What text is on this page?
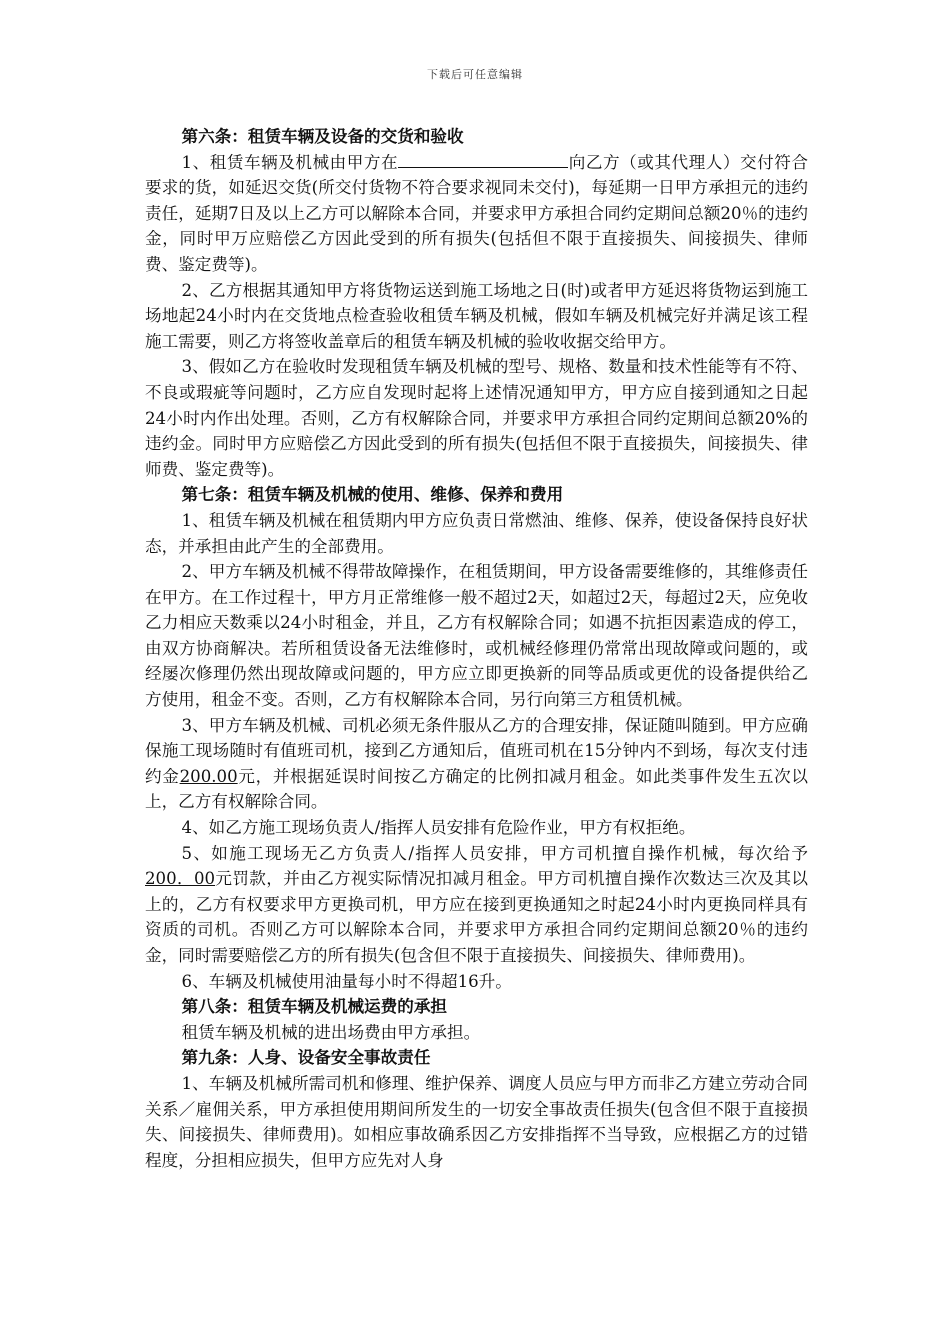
下载后可任意编辑

第六条：租赁车辆及设备的交货和验收

1、租赁车辆及机械由甲方在	向乙方（或其代理人）交付符合要求的货，如延迟交货(所交付货物不符合要求视同未交付)，每延期一日甲方承担元的违约责任，延期7日及以上乙方可以解除本合同，并要求甲方承担合同约定期间总额20％的违约金，同时甲万应赔偿乙方因此受到的所有损失(包括但不限于直接损失、间接损失、律师费、鉴定费等)。

2、乙方根据其通知甲方将货物运送到施工场地之日(时)或者甲方延迟将货物运到施工场地起24小时内在交货地点检查验收租赁车辆及机械，假如车辆及机械完好并满足该工程施工需要，则乙方将签收盖章后的租赁车辆及机械的验收收据交给甲方。

3、假如乙方在验收时发现租赁车辆及机械的型号、规格、数量和技术性能等有不符、不良或瑕疵等问题时，乙方应自发现时起将上述情况通知甲方，甲方应自接到通知之日起24小时内作出处理。否则，乙方有权解除合同，并要求甲方承担合同约定期间总额20%的违约金。同时甲方应赔偿乙方因此受到的所有损失(包括但不限于直接损失，间接损失、律师费、鉴定费等)。

第七条：租赁车辆及机械的使用、维修、保养和费用

1、租赁车辆及机械在租赁期内甲方应负责日常燃油、维修、保养，使设备保持良好状态，并承担由此产生的全部费用。

2、甲方车辆及机械不得带故障操作，在租赁期间，甲方设备需要维修的，其维修责任在甲方。在工作过程十，甲方月正常维修一般不超过2天，如超过2天，每超过2天，应免收乙力相应天数乘以24小时租金，并且，乙方有权解除合同；如遇不抗拒因素造成的停工，由双方协商解决。若所租赁设备无法维修时，或机械经修理仍常常出现故障或问题的，或经屡次修理仍然出现故障或问题的，甲方应立即更换新的同等品质或更优的设备提供给乙方使用，租金不变。否则，乙方有权解除本合同，另行向第三方租赁机械。

3、甲方车辆及机械、司机必须无条件服从乙方的合理安排，保证随叫随到。甲方应确保施工现场随时有值班司机，接到乙方通知后，值班司机在15分钟内不到场，每次支付违约金200.00元，并根据延误时间按乙方确定的比例扣减月租金。如此类事件发生五次以上，乙方有权解除合同。

4、如乙方施工现场负责人/指挥人员安排有危险作业，甲方有权拒绝。

5、如施工现场无乙方负责人/指挥人员安排，甲方司机擅自操作机械，每次给予200．00元罚款，并由乙方视实际情况扣减月租金。甲方司机擅自操作次数达三次及其以上的，乙方有权要求甲方更换司机，甲方应在接到更换通知之时起24小时内更换同样具有资质的司机。否则乙方可以解除本合同，并要求甲方承担合同约定期间总额20％的违约金，同时需要赔偿乙方的所有损失(包含但不限于直接损失、间接损失、律师费用)。

6、车辆及机械使用油量每小时不得超16升。

第八条：租赁车辆及机械运费的承担

租赁车辆及机械的进出场费由甲方承担。

第九条：人身、设备安全事故责任

1、车辆及机械所需司机和修理、维护保养、调度人员应与甲方而非乙方建立劳动合同关系／雇佣关系，甲方承担使用期间所发生的一切安全事故责任损失(包含但不限于直接损失、间接损失、律师费用)。如相应事故确系因乙方安排指挥不当导致，应根据乙方的过错程度，分担相应损失，但甲方应先对人身
